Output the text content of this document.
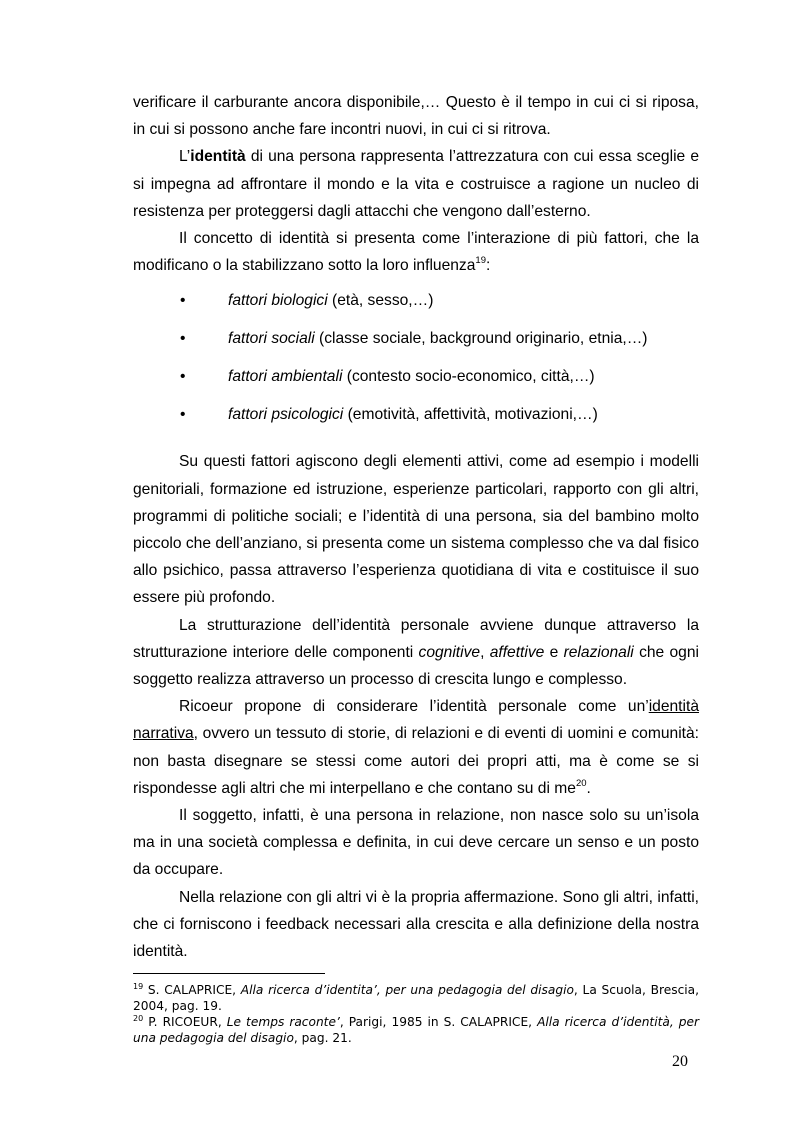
verificare il carburante ancora disponibile,… Questo è il tempo in cui ci si riposa, in cui si possono anche fare incontri nuovi, in cui ci si ritrova.

L’identità di una persona rappresenta l’attrezzatura con cui essa sceglie e si impegna ad affrontare il mondo e la vita e costruisce a ragione un nucleo di resistenza per proteggersi dagli attacchi che vengono dall’esterno.

Il concetto di identità si presenta come l’interazione di più fattori, che la modificano o la stabilizzano sotto la loro influenza$^{19}$:

•	fattori biologici (età, sesso,…)
•	fattori sociali (classe sociale, background originario, etnia,…)
•	fattori ambientali (contesto socio-economico, città,…)
•	fattori psicologici (emotività, affettività, motivazioni,…)

Su questi fattori agiscono degli elementi attivi, come ad esempio i modelli genitoriali, formazione ed istruzione, esperienze particolari, rapporto con gli altri, programmi di politiche sociali; e l’identità di una persona, sia del bambino molto piccolo che dell’anziano, si presenta come un sistema complesso che va dal fisico allo psichico, passa attraverso l’esperienza quotidiana di vita e costituisce il suo essere più profondo.

La strutturazione dell’identità personale avviene dunque attraverso la strutturazione interiore delle componenti cognitive, affettive e relazionali che ogni soggetto realizza attraverso un processo di crescita lungo e complesso.

Ricoeur propone di considerare l’identità personale come un’identità narrativa, ovvero un tessuto di storie, di relazioni e di eventi di uomini e comunità: non basta disegnare se stessi come autori dei propri atti, ma è come se si rispondesse agli altri che mi interpellano e che contano su di $me^{20}$.

Il soggetto, infatti, è una persona in relazione, non nasce solo su un’isola ma in una società complessa e definita, in cui deve cercare un senso e un posto da occupare.

Nella relazione con gli altri vi è la propria affermazione. Sono gli altri, infatti, che ci forniscono i feedback necessari alla crescita e alla definizione della nostra identità.

$^{19}$ S. CALAPRICE, Alla ricerca d’identita’, per una pedagogia del disagio, La Scuola, Brescia, 2004, pag. 19.

$^{20}$ P. RICOEUR, Le temps raconte’, Parigi, 1985 in S. CALAPRICE, Alla ricerca d’identità, per una pedagogia del disagio, pag. 21.

20
